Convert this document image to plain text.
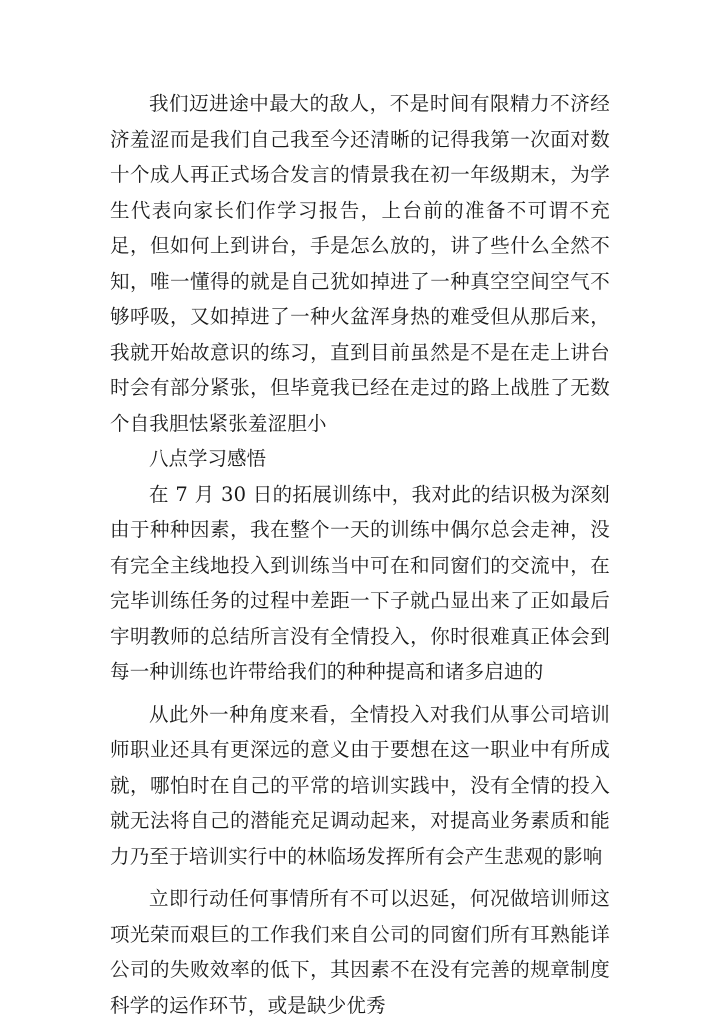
我们迈进途中最大的敌人，不是时间有限精力不济经济羞涩而是我们自己我至今还清晰的记得我第一次面对数十个成人再正式场合发言的情景我在初一年级期末，为学生代表向家长们作学习报告，上台前的准备不可谓不充足，但如何上到讲台，手是怎么放的，讲了些什么全然不知，唯一懂得的就是自己犹如掉进了一种真空空间空气不够呼吸，又如掉进了一种火盆浑身热的难受但从那后来，我就开始故意识的练习，直到目前虽然是不是在走上讲台时会有部分紧张，但毕竟我已经在走过的路上战胜了无数个自我胆怯紧张羞涩胆小

八点学习感悟

在 7 月 30 日的拓展训练中，我对此的结识极为深刻由于种种因素，我在整个一天的训练中偶尔总会走神，没有完全主线地投入到训练当中可在和同窗们的交流中，在完毕训练任务的过程中差距一下子就凸显出来了正如最后宇明教师的总结所言没有全情投入，你时很难真正体会到每一种训练也许带给我们的种种提高和诸多启迪的

从此外一种角度来看，全情投入对我们从事公司培训师职业还具有更深远的意义由于要想在这一职业中有所成就，哪怕时在自己的平常的培训实践中，没有全情的投入就无法将自己的潜能充足调动起来，对提高业务素质和能力乃至于培训实行中的林临场发挥所有会产生悲观的影响

立即行动任何事情所有不可以迟延，何况做培训师这项光荣而艰巨的工作我们来自公司的同窗们所有耳熟能详公司的失败效率的低下，其因素不在没有完善的规章制度科学的运作环节，或是缺少优秀
